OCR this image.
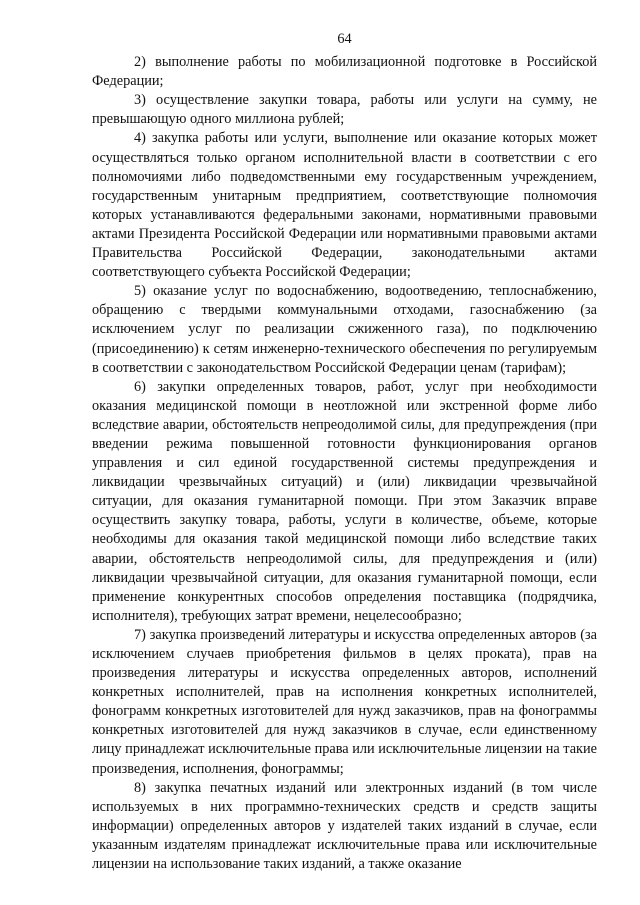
64

2) выполнение работы по мобилизационной подготовке в Российской Федерации;

3) осуществление закупки товара, работы или услуги на сумму, не превышающую одного миллиона рублей;

4) закупка работы или услуги, выполнение или оказание которых может осуществляться только органом исполнительной власти в соответствии с его полномочиями либо подведомственными ему государственным учреждением, государственным унитарным предприятием, соответствующие полномочия которых устанавливаются федеральными законами, нормативными правовыми актами Президента Российской Федерации или нормативными правовыми актами Правительства Российской Федерации, законодательными актами соответствующего субъекта Российской Федерации;

5) оказание услуг по водоснабжению, водоотведению, теплоснабжению, обращению с твердыми коммунальными отходами, газоснабжению (за исключением услуг по реализации сжиженного газа), по подключению (присоединению) к сетям инженерно-технического обеспечения по регулируемым в соответствии с законодательством Российской Федерации ценам (тарифам);

6) закупки определенных товаров, работ, услуг при необходимости оказания медицинской помощи в неотложной или экстренной форме либо вследствие аварии, обстоятельств непреодолимой силы, для предупреждения (при введении режима повышенной готовности функционирования органов управления и сил единой государственной системы предупреждения и ликвидации чрезвычайных ситуаций) и (или) ликвидации чрезвычайной ситуации, для оказания гуманитарной помощи. При этом Заказчик вправе осуществить закупку товара, работы, услуги в количестве, объеме, которые необходимы для оказания такой медицинской помощи либо вследствие таких аварии, обстоятельств непреодолимой силы, для предупреждения и (или) ликвидации чрезвычайной ситуации, для оказания гуманитарной помощи, если применение конкурентных способов определения поставщика (подрядчика, исполнителя), требующих затрат времени, нецелесообразно;

7) закупка произведений литературы и искусства определенных авторов (за исключением случаев приобретения фильмов в целях проката), прав на произведения литературы и искусства определенных авторов, исполнений конкретных исполнителей, прав на исполнения конкретных исполнителей, фонограмм конкретных изготовителей для нужд заказчиков, прав на фонограммы конкретных изготовителей для нужд заказчиков в случае, если единственному лицу принадлежат исключительные права или исключительные лицензии на такие произведения, исполнения, фонограммы;

8) закупка печатных изданий или электронных изданий (в том числе используемых в них программно-технических средств и средств защиты информации) определенных авторов у издателей таких изданий в случае, если указанным издателям принадлежат исключительные права или исключительные лицензии на использование таких изданий, а также оказание
